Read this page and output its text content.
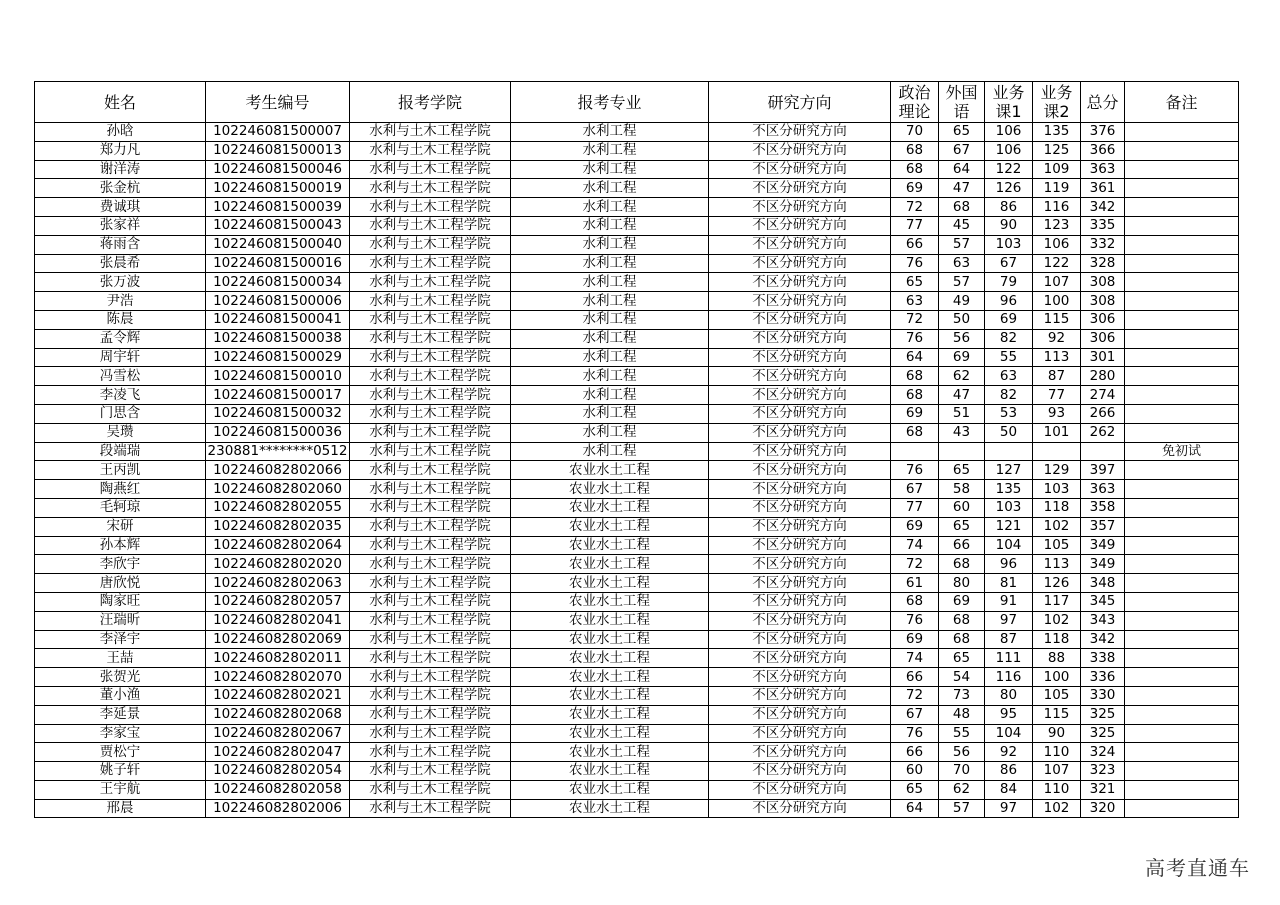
姓名	考生编号	报考学院	报考专业	研究方向	政治理论	外国语	业务课1	业务课2	总分	备注
孙晗	102246081500007	水利与土木工程学院	水利工程	不区分研究方向	70	65	106	135	376	
郑力凡	102246081500013	水利与土木工程学院	水利工程	不区分研究方向	68	67	106	125	366	
谢洋涛	102246081500046	水利与土木工程学院	水利工程	不区分研究方向	68	64	122	109	363	
张金杭	102246081500019	水利与土木工程学院	水利工程	不区分研究方向	69	47	126	119	361	
费诚琪	102246081500039	水利与土木工程学院	水利工程	不区分研究方向	72	68	86	116	342	
张家祥	102246081500043	水利与土木工程学院	水利工程	不区分研究方向	77	45	90	123	335	
蒋雨含	102246081500040	水利与土木工程学院	水利工程	不区分研究方向	66	57	103	106	332	
张晨希	102246081500016	水利与土木工程学院	水利工程	不区分研究方向	76	63	67	122	328	
张万波	102246081500034	水利与土木工程学院	水利工程	不区分研究方向	65	57	79	107	308	
尹浩	102246081500006	水利与土木工程学院	水利工程	不区分研究方向	63	49	96	100	308	
陈晨	102246081500041	水利与土木工程学院	水利工程	不区分研究方向	72	50	69	115	306	
孟令辉	102246081500038	水利与土木工程学院	水利工程	不区分研究方向	76	56	82	92	306	
周宇轩	102246081500029	水利与土木工程学院	水利工程	不区分研究方向	64	69	55	113	301	
冯雪松	102246081500010	水利与土木工程学院	水利工程	不区分研究方向	68	62	63	87	280	
李凌飞	102246081500017	水利与土木工程学院	水利工程	不区分研究方向	68	47	82	77	274	
门思含	102246081500032	水利与土木工程学院	水利工程	不区分研究方向	69	51	53	93	266	
吴瓒	102246081500036	水利与土木工程学院	水利工程	不区分研究方向	68	43	50	101	262	
段端瑞	230881********0512	水利与土木工程学院	水利工程	不区分研究方向						免初试
王丙凯	102246082802066	水利与土木工程学院	农业水土工程	不区分研究方向	76	65	127	129	397	
陶燕红	102246082802060	水利与土木工程学院	农业水土工程	不区分研究方向	67	58	135	103	363	
毛轲琼	102246082802055	水利与土木工程学院	农业水土工程	不区分研究方向	77	60	103	118	358	
宋研	102246082802035	水利与土木工程学院	农业水土工程	不区分研究方向	69	65	121	102	357	
孙本辉	102246082802064	水利与土木工程学院	农业水土工程	不区分研究方向	74	66	104	105	349	
李欣宇	102246082802020	水利与土木工程学院	农业水土工程	不区分研究方向	72	68	96	113	349	
唐欣悦	102246082802063	水利与土木工程学院	农业水土工程	不区分研究方向	61	80	81	126	348	
陶家旺	102246082802057	水利与土木工程学院	农业水土工程	不区分研究方向	68	69	91	117	345	
汪瑞昕	102246082802041	水利与土木工程学院	农业水土工程	不区分研究方向	76	68	97	102	343	
李泽宇	102246082802069	水利与土木工程学院	农业水土工程	不区分研究方向	69	68	87	118	342	
王喆	102246082802011	水利与土木工程学院	农业水土工程	不区分研究方向	74	65	111	88	338	
张贺光	102246082802070	水利与土木工程学院	农业水土工程	不区分研究方向	66	54	116	100	336	
董小渔	102246082802021	水利与土木工程学院	农业水土工程	不区分研究方向	72	73	80	105	330	
李延景	102246082802068	水利与土木工程学院	农业水土工程	不区分研究方向	67	48	95	115	325	
李家宝	102246082802067	水利与土木工程学院	农业水土工程	不区分研究方向	76	55	104	90	325	
贾松宁	102246082802047	水利与土木工程学院	农业水土工程	不区分研究方向	66	56	92	110	324	
姚子轩	102246082802054	水利与土木工程学院	农业水土工程	不区分研究方向	60	70	86	107	323	
王宇航	102246082802058	水利与土木工程学院	农业水土工程	不区分研究方向	65	62	84	110	321	
邢晨	102246082802006	水利与土木工程学院	农业水土工程	不区分研究方向	64	57	97	102	320	
高考直通车
